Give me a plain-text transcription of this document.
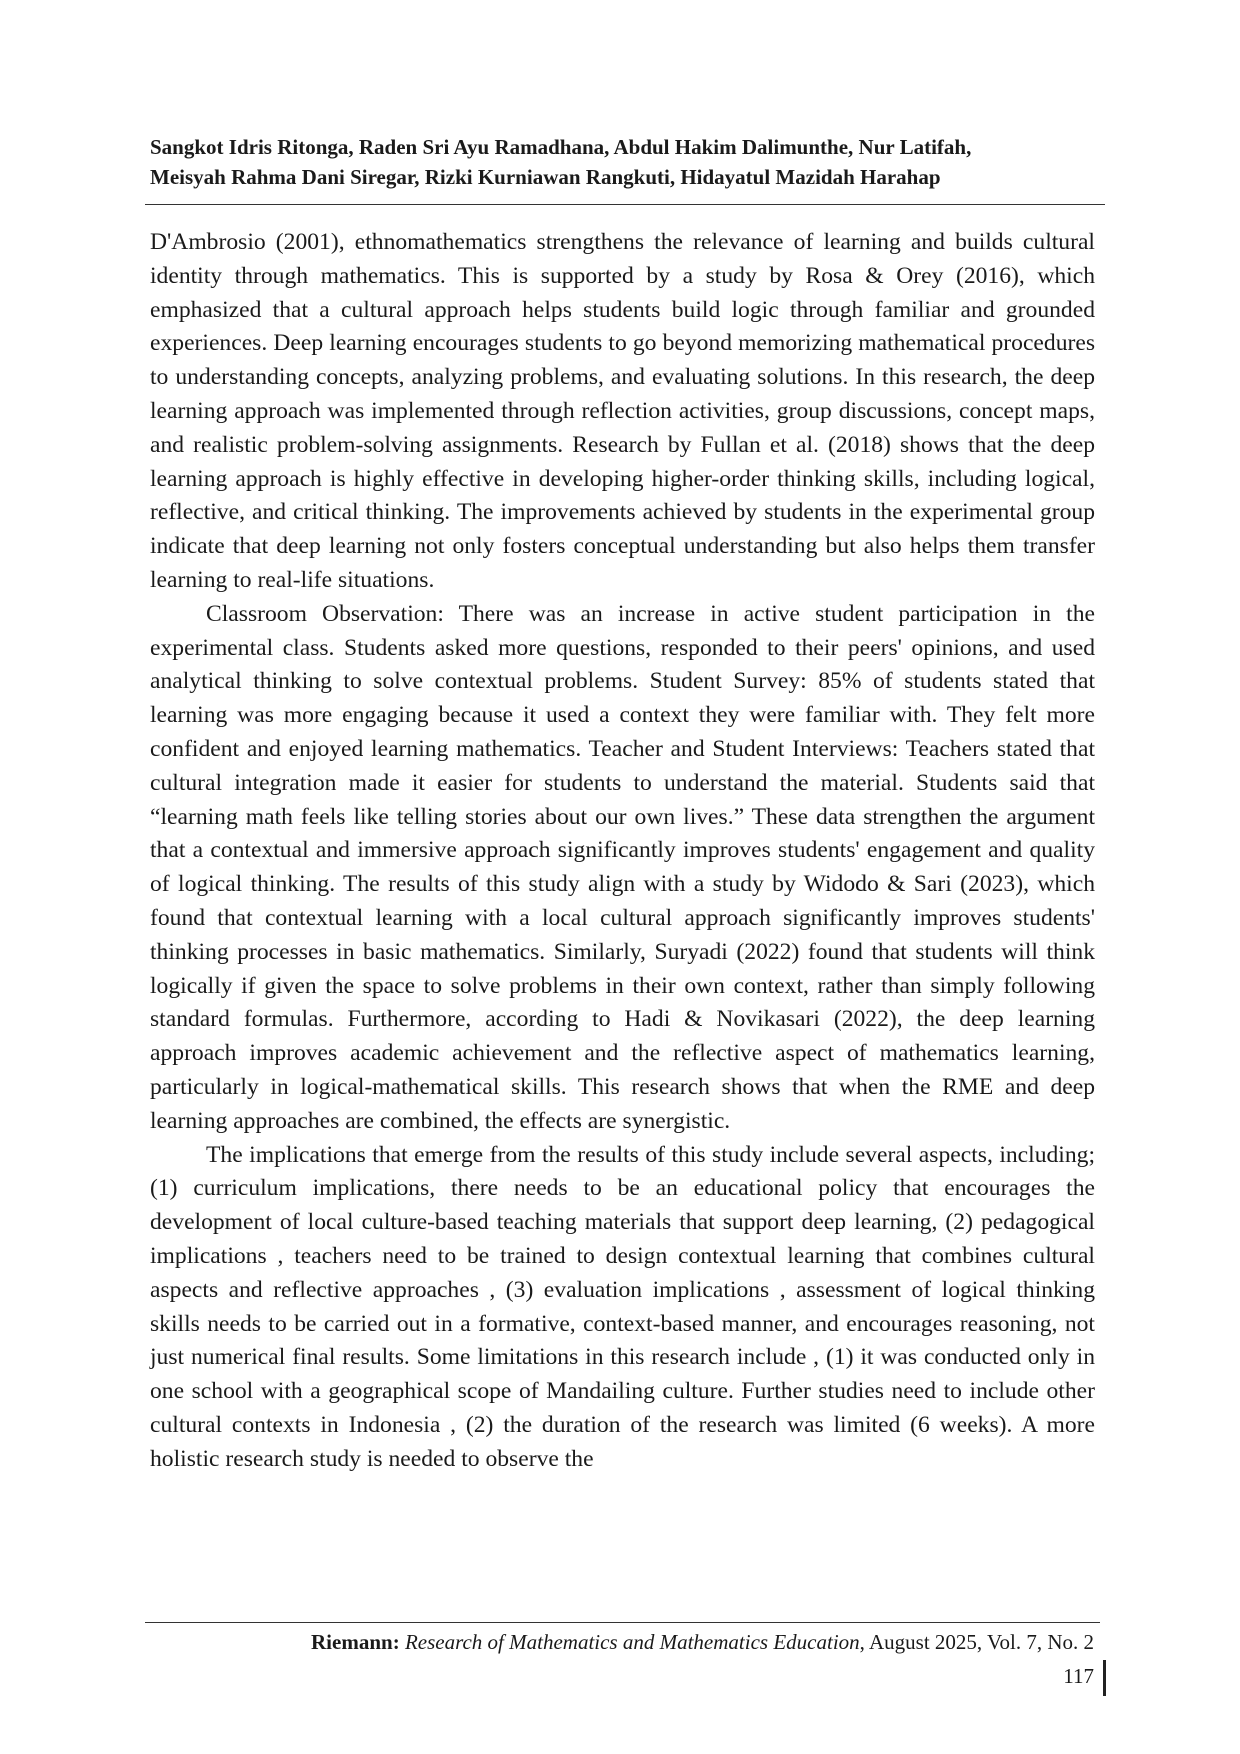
Sangkot Idris Ritonga, Raden Sri Ayu Ramadhana, Abdul Hakim Dalimunthe, Nur Latifah,

Meisyah Rahma Dani Siregar, Rizki Kurniawan Rangkuti, Hidayatul Mazidah Harahap

D'Ambrosio (2001), ethnomathematics strengthens the relevance of learning and builds cultural identity through mathematics. This is supported by a study by Rosa & Orey (2016), which emphasized that a cultural approach helps students build logic through familiar and grounded experiences. Deep learning encourages students to go beyond memorizing mathematical procedures to understanding concepts, analyzing problems, and evaluating solutions. In this research, the deep learning approach was implemented through reflection activities, group discussions, concept maps, and realistic problem-solving assignments. Research by Fullan et al. (2018) shows that the deep learning approach is highly effective in developing higher-order thinking skills, including logical, reflective, and critical thinking. The improvements achieved by students in the experimental group indicate that deep learning not only fosters conceptual understanding but also helps them transfer learning to real-life situations.

Classroom Observation: There was an increase in active student participation in the experimental class. Students asked more questions, responded to their peers' opinions, and used analytical thinking to solve contextual problems. Student Survey: 85% of students stated that learning was more engaging because it used a context they were familiar with. They felt more confident and enjoyed learning mathematics. Teacher and Student Interviews: Teachers stated that cultural integration made it easier for students to understand the material. Students said that “learning math feels like telling stories about our own lives.” These data strengthen the argument that a contextual and immersive approach significantly improves students' engagement and quality of logical thinking. The results of this study align with a study by Widodo & Sari (2023), which found that contextual learning with a local cultural approach significantly improves students' thinking processes in basic mathematics. Similarly, Suryadi (2022) found that students will think logically if given the space to solve problems in their own context, rather than simply following standard formulas. Furthermore, according to Hadi & Novikasari (2022), the deep learning approach improves academic achievement and the reflective aspect of mathematics learning, particularly in logical-mathematical skills. This research shows that when the RME and deep learning approaches are combined, the effects are synergistic.

The implications that emerge from the results of this study include several aspects, including; (1) curriculum implications, there needs to be an educational policy that encourages the development of local culture-based teaching materials that support deep learning, (2) pedagogical implications , teachers need to be trained to design contextual learning that combines cultural aspects and reflective approaches , (3) evaluation implications , assessment of logical thinking skills needs to be carried out in a formative, context-based manner, and encourages reasoning, not just numerical final results. Some limitations in this research include , (1) it was conducted only in one school with a geographical scope of Mandailing culture. Further studies need to include other cultural contexts in Indonesia , (2) the duration of the research was limited (6 weeks). A more holistic research study is needed to observe the

Riemann: Research of Mathematics and Mathematics Education, August 2025, Vol. 7, No. 2
117
